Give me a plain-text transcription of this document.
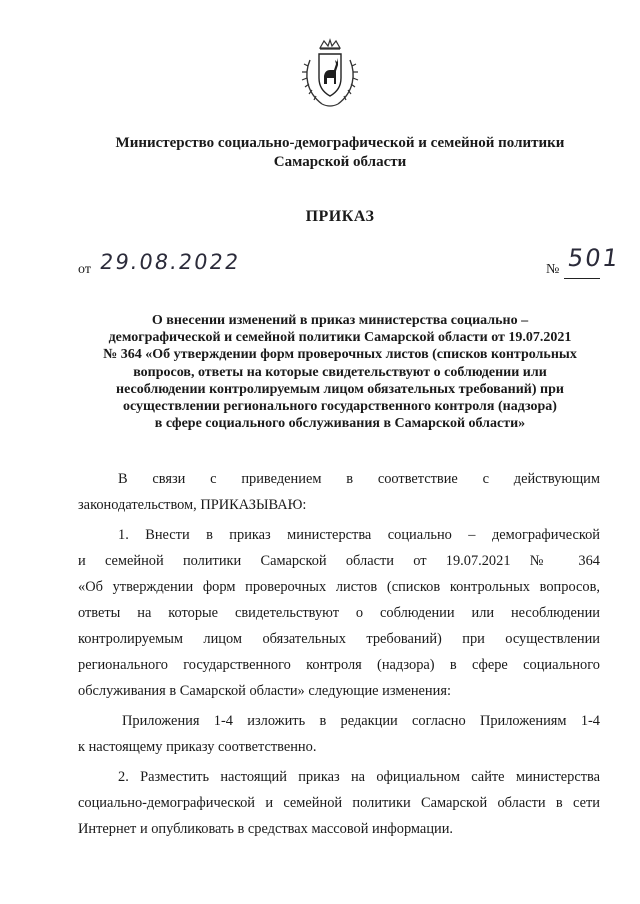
Министерство социально-демографической и семейной политики
Самарской области
ПРИКАЗ
от 29.08.2022	№ 501
О внесении изменений в приказ министерства социально –
демографической и семейной политики Самарской области от 19.07.2021
№ 364 «Об утверждении форм проверочных листов (списков контрольных
вопросов, ответы на которые свидетельствуют о соблюдении или
несоблюдении контролируемым лицом обязательных требований) при
осуществлении регионального государственного контроля (надзора)
в сфере социального обслуживания в Самарской области»
В связи с приведением в соответствие с действующим
законодательством, ПРИКАЗЫВАЮ:
1. Внести в приказ министерства социально – демографической
и семейной политики Самарской области от 19.07.2021 № 364
«Об утверждении форм проверочных листов (списков контрольных вопросов,
ответы на которые свидетельствуют о соблюдении или несоблюдении
контролируемым лицом обязательных требований) при осуществлении
регионального государственного контроля (надзора) в сфере социального
обслуживания в Самарской области» следующие изменения:
Приложения 1-4 изложить в редакции согласно Приложениям 1-4
к настоящему приказу соответственно.
2. Разместить настоящий приказ на официальном сайте министерства
социально-демографической и семейной политики Самарской области в сети
Интернет и опубликовать в средствах массовой информации.
